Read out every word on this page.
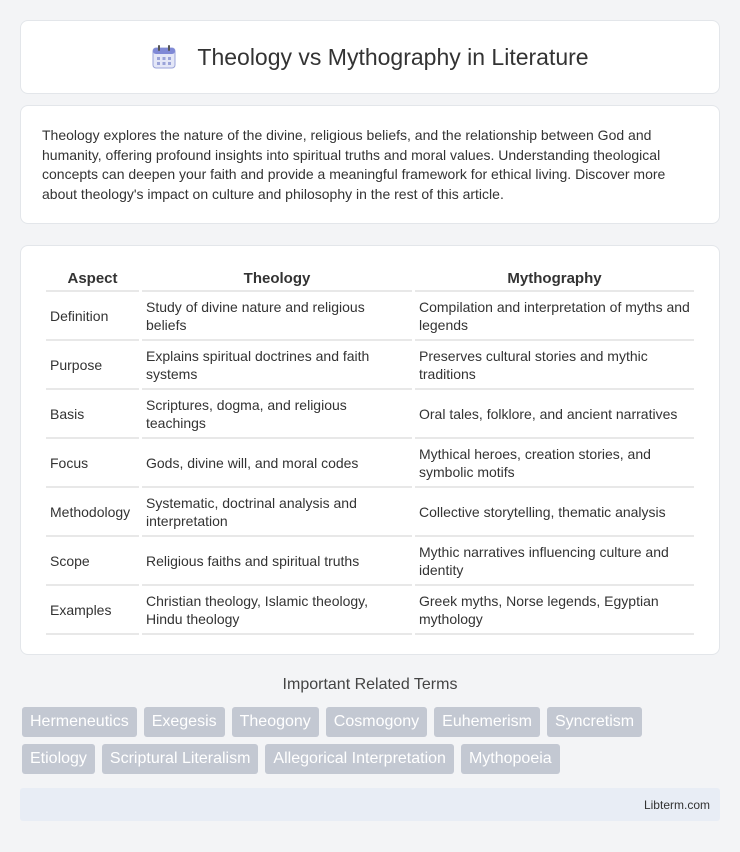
Theology vs Mythography in Literature

Theology explores the nature of the divine, religious beliefs, and the relationship between God and humanity, offering profound insights into spiritual truths and moral values. Understanding theological concepts can deepen your faith and provide a meaningful framework for ethical living. Discover more about theology's impact on culture and philosophy in the rest of this article.

Aspect	Theology	Mythography
Definition	Study of divine nature and religious beliefs	Compilation and interpretation of myths and legends
Purpose	Explains spiritual doctrines and faith systems	Preserves cultural stories and mythic traditions
Basis	Scriptures, dogma, and religious teachings	Oral tales, folklore, and ancient narratives
Focus	Gods, divine will, and moral codes	Mythical heroes, creation stories, and symbolic motifs
Methodology	Systematic, doctrinal analysis and interpretation	Collective storytelling, thematic analysis
Scope	Religious faiths and spiritual truths	Mythic narratives influencing culture and identity
Examples	Christian theology, Islamic theology, Hindu theology	Greek myths, Norse legends, Egyptian mythology
Important Related Terms
Hermeneutics	Exegesis	Theogony	Cosmogony	Euhemerism	Syncretism
Etiology	Scriptural Literalism	Allegorical Interpretation	Mythopoeia
Libterm.com
